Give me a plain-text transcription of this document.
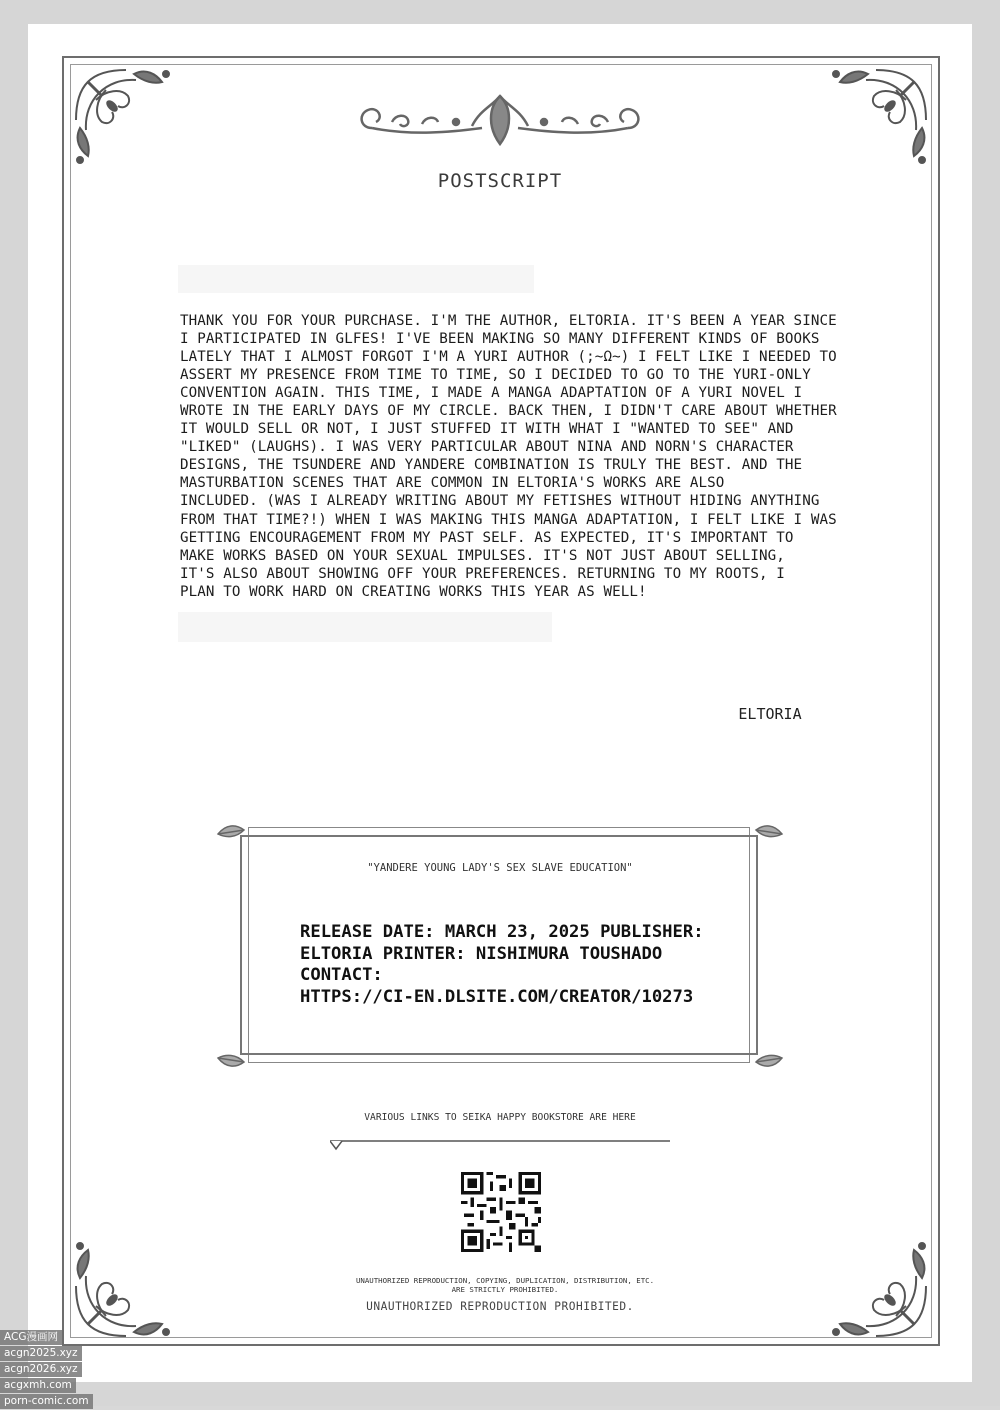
POSTSCRIPT
THANK YOU FOR YOUR PURCHASE. I'M THE AUTHOR, ELTORIA. IT'S BEEN A YEAR SINCE
I PARTICIPATED IN GLFES! I'VE BEEN MAKING SO MANY DIFFERENT KINDS OF BOOKS
LATELY THAT I ALMOST FORGOT I'M A YURI AUTHOR (;~Ω~) I FELT LIKE I NEEDED TO
ASSERT MY PRESENCE FROM TIME TO TIME, SO I DECIDED TO GO TO THE YURI-ONLY
CONVENTION AGAIN. THIS TIME, I MADE A MANGA ADAPTATION OF A YURI NOVEL I
WROTE IN THE EARLY DAYS OF MY CIRCLE. BACK THEN, I DIDN'T CARE ABOUT WHETHER
IT WOULD SELL OR NOT, I JUST STUFFED IT WITH WHAT I "WANTED TO SEE" AND
"LIKED" (LAUGHS). I WAS VERY PARTICULAR ABOUT NINA AND NORN'S CHARACTER
DESIGNS, THE TSUNDERE AND YANDERE COMBINATION IS TRULY THE BEST. AND THE
MASTURBATION SCENES THAT ARE COMMON IN ELTORIA'S WORKS ARE ALSO
INCLUDED. (WAS I ALREADY WRITING ABOUT MY FETISHES WITHOUT HIDING ANYTHING
FROM THAT TIME?!) WHEN I WAS MAKING THIS MANGA ADAPTATION, I FELT LIKE I WAS
GETTING ENCOURAGEMENT FROM MY PAST SELF. AS EXPECTED, IT'S IMPORTANT TO
MAKE WORKS BASED ON YOUR SEXUAL IMPULSES. IT'S NOT JUST ABOUT SELLING,
IT'S ALSO ABOUT SHOWING OFF YOUR PREFERENCES. RETURNING TO MY ROOTS, I
PLAN TO WORK HARD ON CREATING WORKS THIS YEAR AS WELL!
ELTORIA
"YANDERE YOUNG LADY'S SEX SLAVE EDUCATION"
RELEASE DATE: MARCH 23, 2025 PUBLISHER:
ELTORIA PRINTER: NISHIMURA TOUSHADO
CONTACT:
HTTPS://CI-EN.DLSITE.COM/CREATOR/10273
VARIOUS LINKS TO SEIKA HAPPY BOOKSTORE ARE HERE
UNAUTHORIZED REPRODUCTION, COPYING, DUPLICATION, DISTRIBUTION, ETC. ARE STRICTLY PROHIBITED.
UNAUTHORIZED REPRODUCTION PROHIBITED.
ACG漫画网
acgn2025.xyz
acgn2026.xyz
acgxmh.com
porn-comic.com
